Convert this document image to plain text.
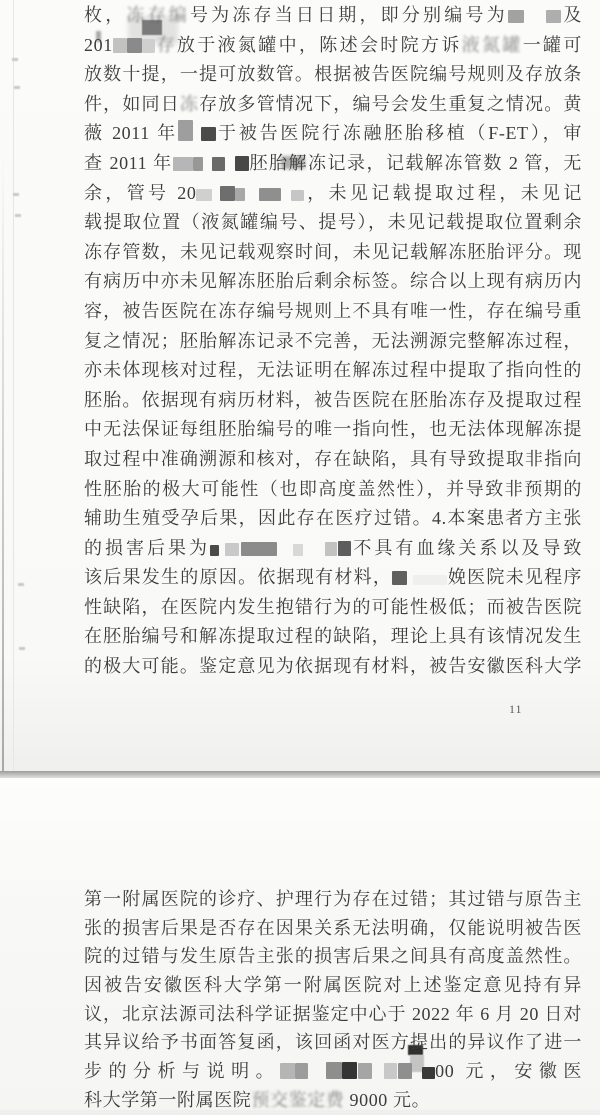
枚，冻存编号为冻存当日日期，即分别编号为	及
201 存放于液氮罐中，陈述会时院方诉液氮罐一罐可
放数十提，一提可放数管。根据被告医院编号规则及存放条
件，如同日冻存放多管情况下，编号会发生重复之情况。黄
薇 2011 年 于被告医院行冻融胚胎移植（F-ET），审
查 2011 年	胚胎解冻记录，记载解冻管数 2 管，无
余，管号 20	，未见记载提取过程，未见记
载提取位置（液氮罐编号、提号），未见记载提取位置剩余
冻存管数，未见记载观察时间，未见记载解冻胚胎评分。现
有病历中亦未见解冻胚胎后剩余标签。综合以上现有病历内
容，被告医院在冻存编号规则上不具有唯一性，存在编号重
复之情况；胚胎解冻记录不完善，无法溯源完整解冻过程，
亦未体现核对过程，无法证明在解冻过程中提取了指向性的
胚胎。依据现有病历材料，被告医院在胚胎冻存及提取过程
中无法保证每组胚胎编号的唯一指向性，也无法体现解冻提
取过程中准确溯源和核对，存在缺陷，具有导致提取非指向
性胚胎的极大可能性（也即高度盖然性），并导致非预期的
辅助生殖受孕后果，因此存在医疗过错。4.本案患者方主张
的损害后果为	不具有血缘关系以及导致
该后果发生的原因。依据现有材料，	娩医院未见程序
性缺陷，在医院内发生抱错行为的可能性极低；而被告医院
在胚胎编号和解冻提取过程的缺陷，理论上具有该情况发生
的极大可能。鉴定意见为依据现有材料，被告安徽医科大学
11
第一附属医院的诊疗、护理行为存在过错；其过错与原告主
张的损害后果是否存在因果关系无法明确，仅能说明被告医
院的过错与发生原告主张的损害后果之间具有高度盖然性。
因被告安徽医科大学第一附属医院对上述鉴定意见持有异
议，北京法源司法科学证据鉴定中心于 2022 年 6 月 20 日对
其异议给予书面答复函，该回函对医方提出的异议作了进一
步的分析与说明。	00 元，安徽医
科大学第一附属医院预交鉴定费 9000 元。
